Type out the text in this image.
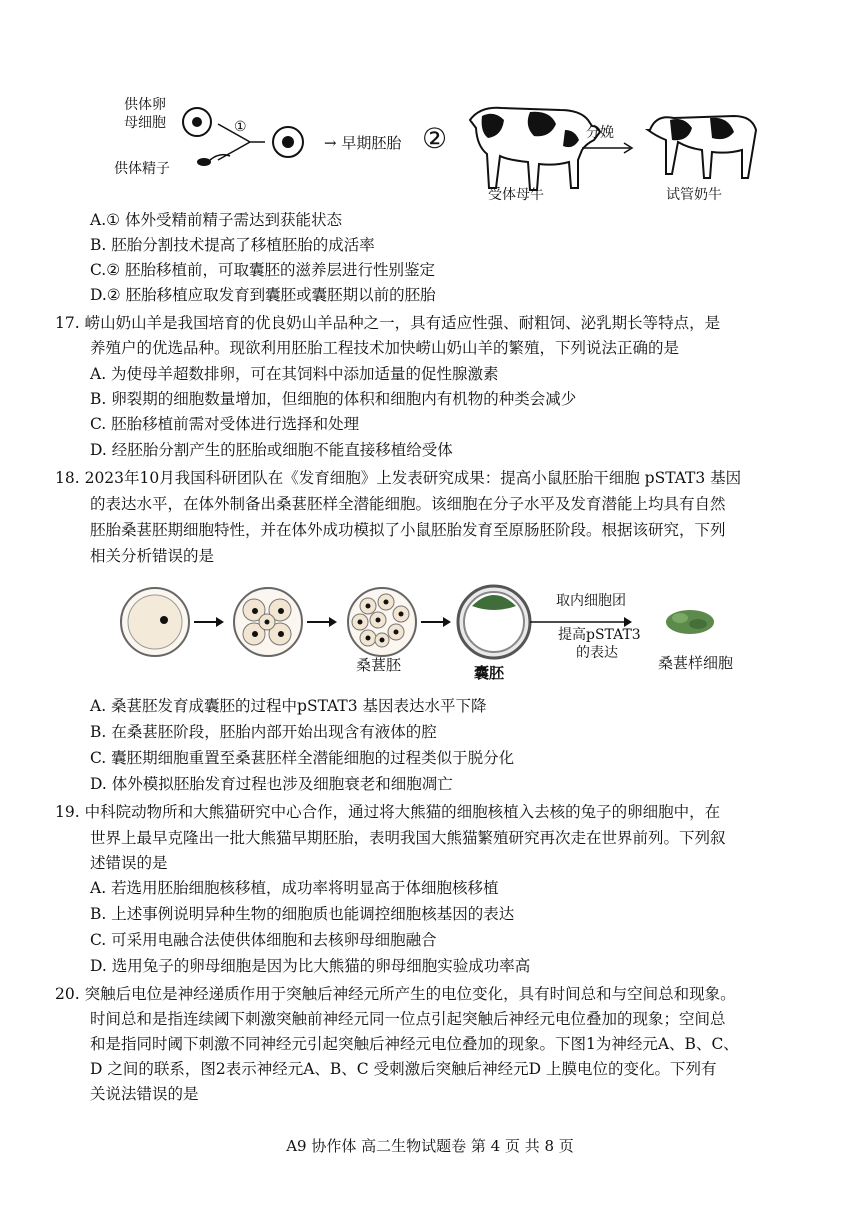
供体卵
母细胞	①
供体精子
→ 早期胚胎 ②	分娩
受体母牛	试管奶牛
A.① 体外受精前精子需达到获能状态
B. 胚胎分割技术提高了移植胚胎的成活率
C.② 胚胎移植前，可取囊胚的滋养层进行性别鉴定
D.② 胚胎移植应取发育到囊胚或囊胚期以前的胚胎
17. 崂山奶山羊是我国培育的优良奶山羊品种之一，具有适应性强、耐粗饲、泌乳期长等特点，是
养殖户的优选品种。现欲利用胚胎工程技术加快崂山奶山羊的繁殖，下列说法正确的是
A. 为使母羊超数排卵，可在其饲料中添加适量的促性腺激素
B. 卵裂期的细胞数量增加，但细胞的体积和细胞内有机物的种类会减少
C. 胚胎移植前需对受体进行选择和处理
D. 经胚胎分割产生的胚胎或细胞不能直接移植给受体
18. 2023年10月我国科研团队在《发育细胞》上发表研究成果：提高小鼠胚胎干细胞 pSTAT3 基因
的表达水平，在体外制备出桑葚胚样全潜能细胞。该细胞在分子水平及发育潜能上均具有自然
胚胎桑葚胚期细胞特性，并在体外成功模拟了小鼠胚胎发育至原肠胚阶段。根据该研究，下列
相关分析错误的是
取内细胞团
提高pSTAT3
的表达
桑葚胚	囊胚
桑葚样细胞
A. 桑葚胚发育成囊胚的过程中pSTAT3 基因表达水平下降
B. 在桑葚胚阶段，胚胎内部开始出现含有液体的腔
C. 囊胚期细胞重置至桑葚胚样全潜能细胞的过程类似于脱分化
D. 体外模拟胚胎发育过程也涉及细胞衰老和细胞凋亡
19. 中科院动物所和大熊猫研究中心合作，通过将大熊猫的细胞核植入去核的兔子的卵细胞中，在
世界上最早克隆出一批大熊猫早期胚胎，表明我国大熊猫繁殖研究再次走在世界前列。下列叙
述错误的是
A. 若选用胚胎细胞核移植，成功率将明显高于体细胞核移植
B. 上述事例说明异种生物的细胞质也能调控细胞核基因的表达
C. 可采用电融合法使供体细胞和去核卵母细胞融合
D. 选用兔子的卵母细胞是因为比大熊猫的卵母细胞实验成功率高
20. 突触后电位是神经递质作用于突触后神经元所产生的电位变化，具有时间总和与空间总和现象。
时间总和是指连续阈下刺激突触前神经元同一位点引起突触后神经元电位叠加的现象；空间总
和是指同时阈下刺激不同神经元引起突触后神经元电位叠加的现象。下图1为神经元A、B、C、
D 之间的联系，图2表示神经元A、B、C 受刺激后突触后神经元D 上膜电位的变化。下列有
关说法错误的是
A9 协作体 高二生物试题卷 第 4 页 共 8 页
